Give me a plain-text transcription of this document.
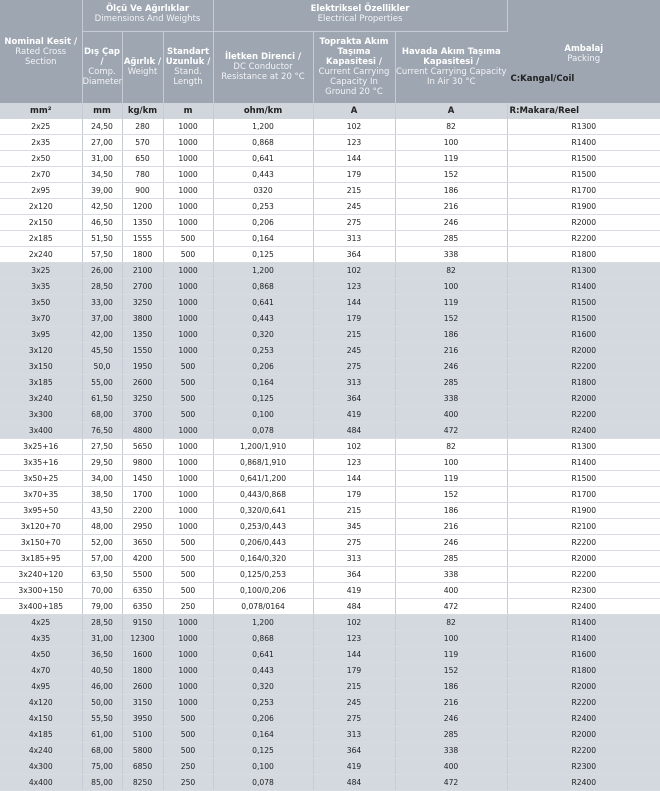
Nominal Kesit /
Rated Cross Section	Ölçü Ve Ağırlıklar
Dimensions And Weights			Elektriksel Özellikler
Electrical Properties			Ambalaj
Packing
C:Kangal/Coil

	Dış Çap /
Comp. Diameter	Ağırlık /
Weight	Standart Uzunluk /
Stand. Length	İletken Direnci /
DC Conductor Resistance at 20 °C	Toprakta Akım Taşıma Kapasitesi /
Current Carrying Capacity In Ground 20 °C	Havada Akım Taşıma Kapasitesi /
Current Carrying Capacity In Air 30 °C	

mm²	mm	kg/km	m	ohm/km	A	A	R:Makara/Reel
2x25	24,50	280	1000	1,200	102	82	R1300
2x35	27,00	570	1000	0,868	123	100	R1400
2x50	31,00	650	1000	0,641	144	119	R1500
2x70	34,50	780	1000	0,443	179	152	R1500
2x95	39,00	900	1000	0320	215	186	R1700
2x120	42,50	1200	1000	0,253	245	216	R1900
2x150	46,50	1350	1000	0,206	275	246	R2000
2x185	51,50	1555	500	0,164	313	285	R2200
2x240	57,50	1800	500	0,125	364	338	R1800
3x25	26,00	2100	1000	1,200	102	82	R1300
3x35	28,50	2700	1000	0,868	123	100	R1400
3x50	33,00	3250	1000	0,641	144	119	R1500
3x70	37,00	3800	1000	0,443	179	152	R1500
3x95	42,00	1350	1000	0,320	215	186	R1600
3x120	45,50	1550	1000	0,253	245	216	R2000
3x150	50,0	1950	500	0,206	275	246	R2200
3x185	55,00	2600	500	0,164	313	285	R1800
3x240	61,50	3250	500	0,125	364	338	R2000
3x300	68,00	3700	500	0,100	419	400	R2200
3x400	76,50	4800	1000	0,078	484	472	R2400
3x25+16	27,50	5650	1000	1,200/1,910	102	82	R1300
3x35+16	29,50	9800	1000	0,868/1,910	123	100	R1400
3x50+25	34,00	1450	1000	0,641/1,200	144	119	R1500
3x70+35	38,50	1700	1000	0,443/0,868	179	152	R1700
3x95+50	43,50	2200	1000	0,320/0,641	215	186	R1900
3x120+70	48,00	2950	1000	0,253/0,443	345	216	R2100
3x150+70	52,00	3650	500	0,206/0,443	275	246	R2200
3x185+95	57,00	4200	500	0,164/0,320	313	285	R2000
3x240+120	63,50	5500	500	0,125/0,253	364	338	R2200
3x300+150	70,00	6350	500	0,100/0,206	419	400	R2300
3x400+185	79,00	6350	250	0,078/0164	484	472	R2400
4x25	28,50	9150	1000	1,200	102	82	R1400
4x35	31,00	12300	1000	0,868	123	100	R1400
4x50	36,50	1600	1000	0,641	144	119	R1600
4x70	40,50	1800	1000	0,443	179	152	R1800
4x95	46,00	2600	1000	0,320	215	186	R2000
4x120	50,00	3150	1000	0,253	245	216	R2200
4x150	55,50	3950	500	0,206	275	246	R2400
4x185	61,00	5100	500	0,164	313	285	R2000
4x240	68,00	5800	500	0,125	364	338	R2200
4x300	75,00	6850	250	0,100	419	400	R2300
4x400	85,00	8250	250	0,078	484	472	R2400
